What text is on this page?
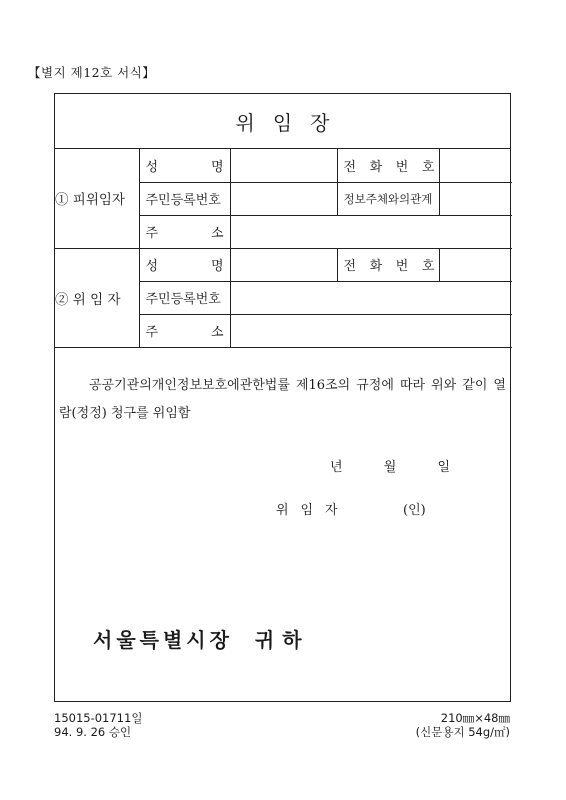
【별지 제12호 서식】
위임장
① 피위임자	성 명		전 화 번 호	

	주민등록번호		정보주체와의관계	

	주 소			

② 위 임 자	성 명		전 화 번 호	

	주민등록번호			

	주 소			

공공기관의개인정보보호에관한법률 제16조의 규정에 따라 위와 같이 열람(정정) 청구를 위임함

년	월	일
위 임 자	(인)
서울특별시장 귀하
15015-01711일
94. 9. 26 승인
210㎜×48㎜
(신문용지 54g/㎡)
